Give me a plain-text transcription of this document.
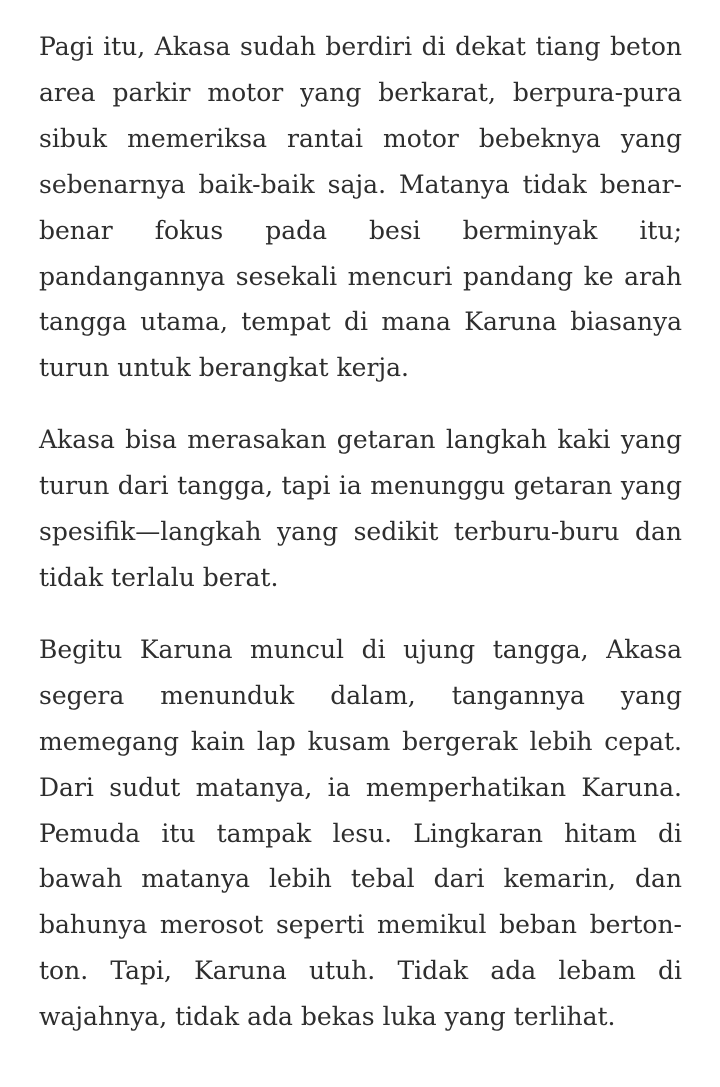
Pagi itu, Akasa sudah berdiri di dekat tiang beton area parkir motor yang berkarat, berpura-pura sibuk memeriksa rantai motor bebeknya yang sebenarnya baik-baik saja. Matanya tidak benar-benar fokus pada besi berminyak itu; pandangannya sesekali mencuri pandang ke arah tangga utama, tempat di mana Karuna biasanya turun untuk berangkat kerja.

Akasa bisa merasakan getaran langkah kaki yang turun dari tangga, tapi ia menunggu getaran yang spesifik—langkah yang sedikit terburu-buru dan tidak terlalu berat.

Begitu Karuna muncul di ujung tangga, Akasa segera menunduk dalam, tangannya yang memegang kain lap kusam bergerak lebih cepat. Dari sudut matanya, ia memperhatikan Karuna. Pemuda itu tampak lesu. Lingkaran hitam di bawah matanya lebih tebal dari kemarin, dan bahunya merosot seperti memikul beban berton-ton. Tapi, Karuna utuh. Tidak ada lebam di wajahnya, tidak ada bekas luka yang terlihat.
